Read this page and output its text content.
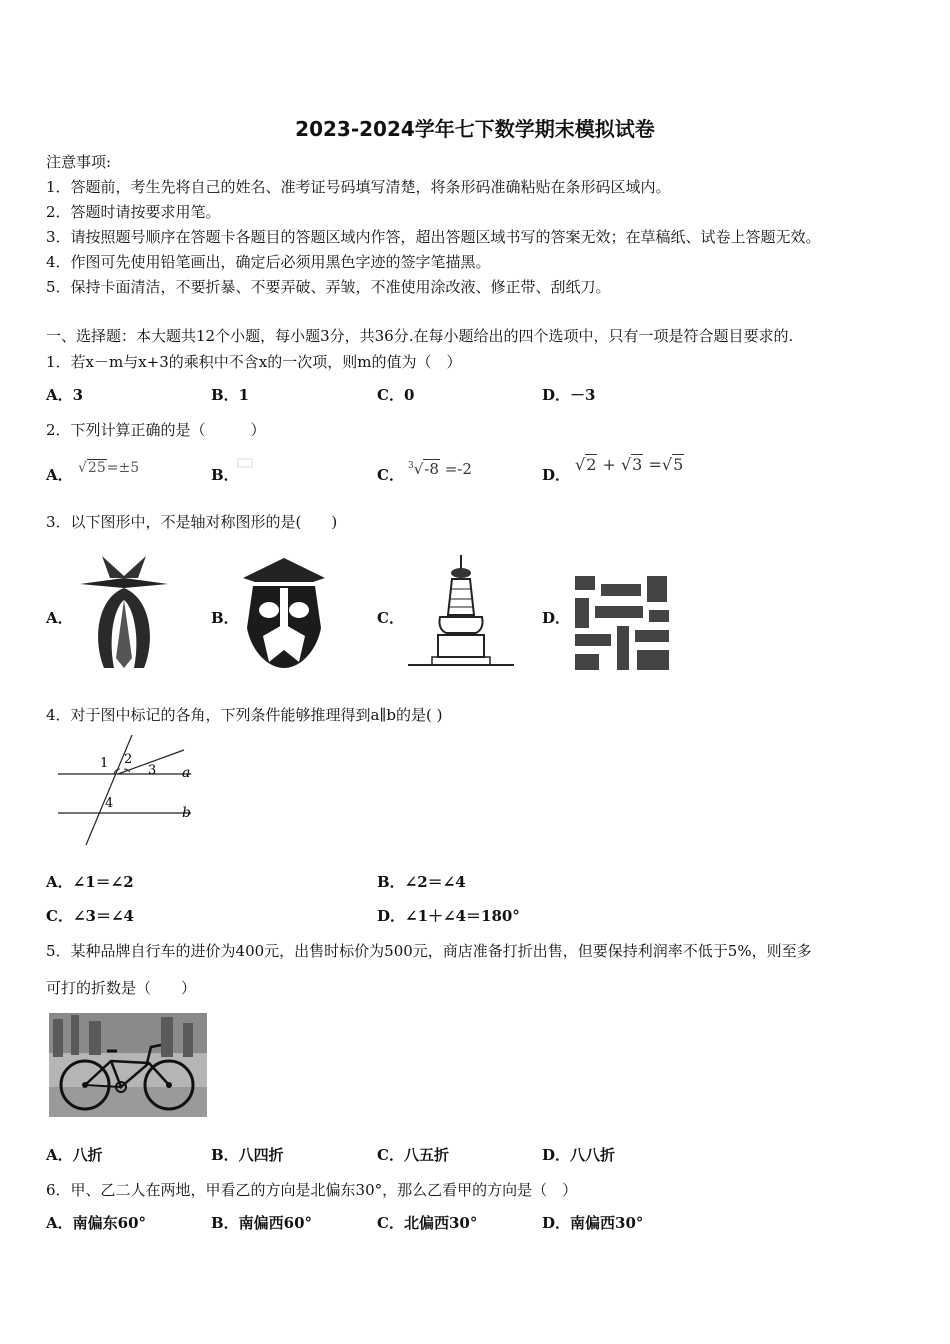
2023-2024学年七下数学期末模拟试卷
注意事项:
1．答题前，考生先将自己的姓名、准考证号码填写清楚，将条形码准确粘贴在条形码区域内。
2．答题时请按要求用笔。
3．请按照题号顺序在答题卡各题目的答题区域内作答，超出答题区域书写的答案无效；在草稿纸、试卷上答题无效。
4．作图可先使用铅笔画出，确定后必须用黑色字迹的签字笔描黑。
5．保持卡面清洁，不要折暴、不要弄破、弄皱，不准使用涂改液、修正带、刮纸刀。
一、选择题：本大题共12个小题，每小题3分，共36分.在每小题给出的四个选项中，只有一项是符合题目要求的.
1．若x－m与x+3的乘积中不含x的一次项，则m的值为（　）
A．3	B．1	C．0	D．－3
2．下列计算正确的是（　　　）
A． √25=±5	B．	C． $^3$√-8 =-2	D．
√2 + √3 =√5
3．以下图形中，不是轴对称图形的是(　　)
A．	B．	C．	D．
4．对于图中标记的各角，下列条件能够推理得到a∥b的是( )
1 2
3 a
4
b
A．∠1＝∠2	B．∠2＝∠4
C．∠3＝∠4	D．∠1＋∠4＝180°
5．某种品牌自行车的进价为400元，出售时标价为500元，商店准备打折出售，但要保持利润率不低于5%，则至多
可打的折数是（　　）
A．八折	B．八四折	C．八五折	D．八八折
6．甲、乙二人在两地，甲看乙的方向是北偏东30°，那么乙看甲的方向是（　）
A．南偏东60°	B．南偏西60°	C．北偏西30°	D．南偏西30°
